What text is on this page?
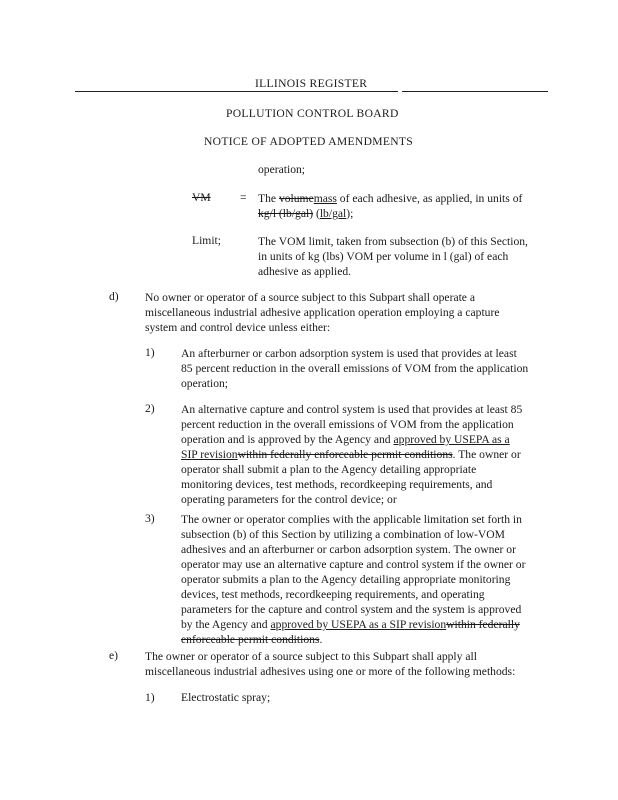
ILLINOIS REGISTER
POLLUTION CONTROL BOARD
NOTICE OF ADOPTED AMENDMENTS
operation;
VM	= The volumemass of each adhesive, as applied, in units of
kg/l (lb/gal) (lb/gal);
Limit;	The VOM limit, taken from subsection (b) of this Section,
in units of kg (lbs) VOM per volume in l (gal) of each
adhesive as applied.
d) No owner or operator of a source subject to this Subpart shall operate a
miscellaneous industrial adhesive application operation employing a capture
system and control device unless either:
1) An afterburner or carbon adsorption system is used that provides at least
85 percent reduction in the overall emissions of VOM from the application
operation;
2) An alternative capture and control system is used that provides at least 85
percent reduction in the overall emissions of VOM from the application
operation and is approved by the Agency and approved by USEPA as a
SIP revisionwithin federally enforceable permit conditions. The owner or
operator shall submit a plan to the Agency detailing appropriate
monitoring devices, test methods, recordkeeping requirements, and
operating parameters for the control device; or
3) The owner or operator complies with the applicable limitation set forth in
subsection (b) of this Section by utilizing a combination of low-VOM
adhesives and an afterburner or carbon adsorption system. The owner or
operator may use an alternative capture and control system if the owner or
operator submits a plan to the Agency detailing appropriate monitoring
devices, test methods, recordkeeping requirements, and operating
parameters for the capture and control system and the system is approved
by the Agency and approved by USEPA as a SIP revisionwithin federally
enforceable permit conditions.
e) The owner or operator of a source subject to this Subpart shall apply all
miscellaneous industrial adhesives using one or more of the following methods:
1) Electrostatic spray;
